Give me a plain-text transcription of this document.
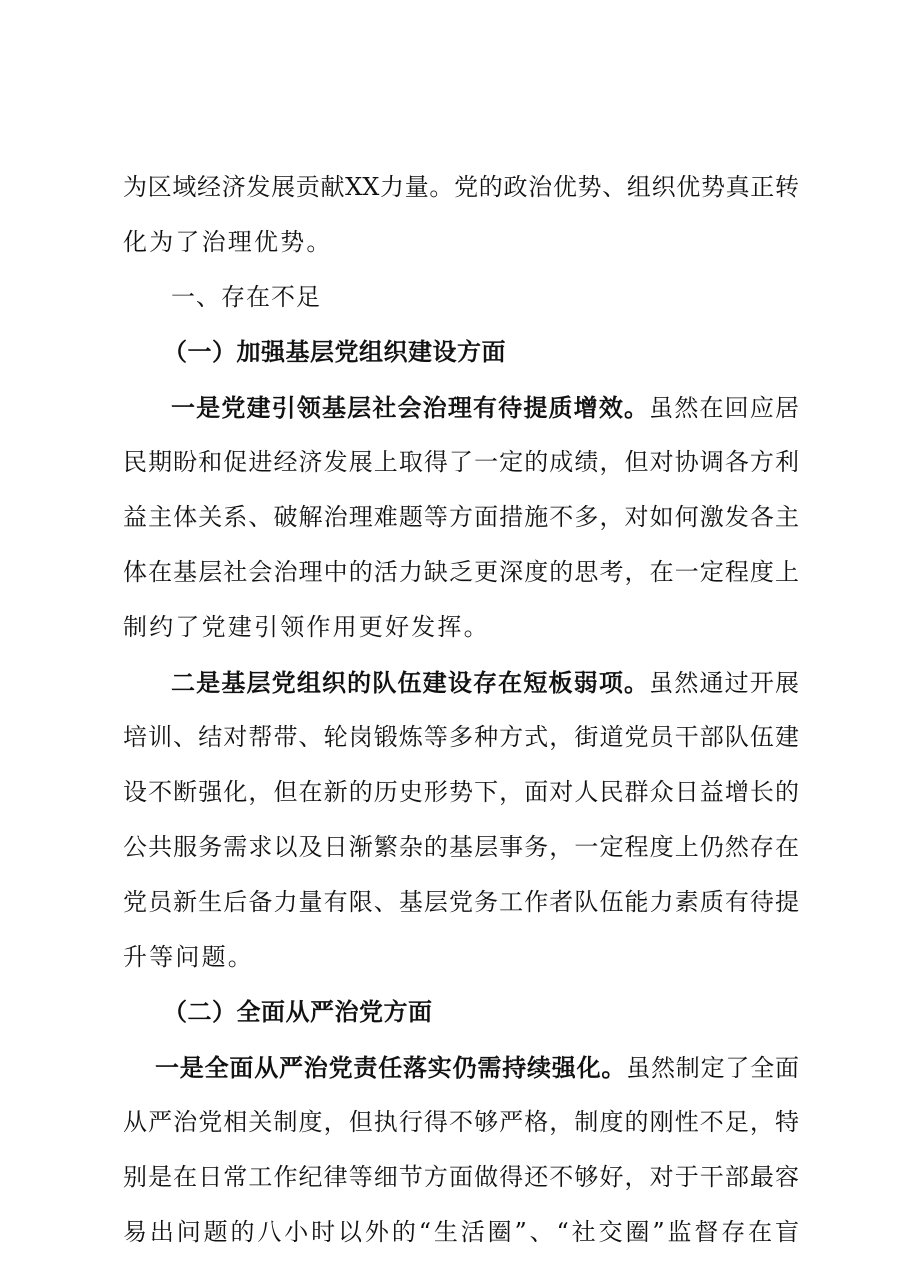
为区域经济发展贡献XX力量。党的政治优势、组织优势真正转
化为了治理优势。
一、存在不足
（一）加强基层党组织建设方面
一是党建引领基层社会治理有待提质增效。虽然在回应居
民期盼和促进经济发展上取得了一定的成绩，但对协调各方利
益主体关系、破解治理难题等方面措施不多，对如何激发各主
体在基层社会治理中的活力缺乏更深度的思考，在一定程度上
制约了党建引领作用更好发挥。
二是基层党组织的队伍建设存在短板弱项。虽然通过开展
培训、结对帮带、轮岗锻炼等多种方式，街道党员干部队伍建
设不断强化，但在新的历史形势下，面对人民群众日益增长的
公共服务需求以及日渐繁杂的基层事务，一定程度上仍然存在
党员新生后备力量有限、基层党务工作者队伍能力素质有待提
升等问题。
（二）全面从严治党方面
一是全面从严治党责任落实仍需持续强化。虽然制定了全面
从严治党相关制度，但执行得不够严格，制度的刚性不足，特
别是在日常工作纪律等细节方面做得还不够好，对于干部最容
易出问题的八小时以外的“生活圈”、“社交圈”监督存在盲
